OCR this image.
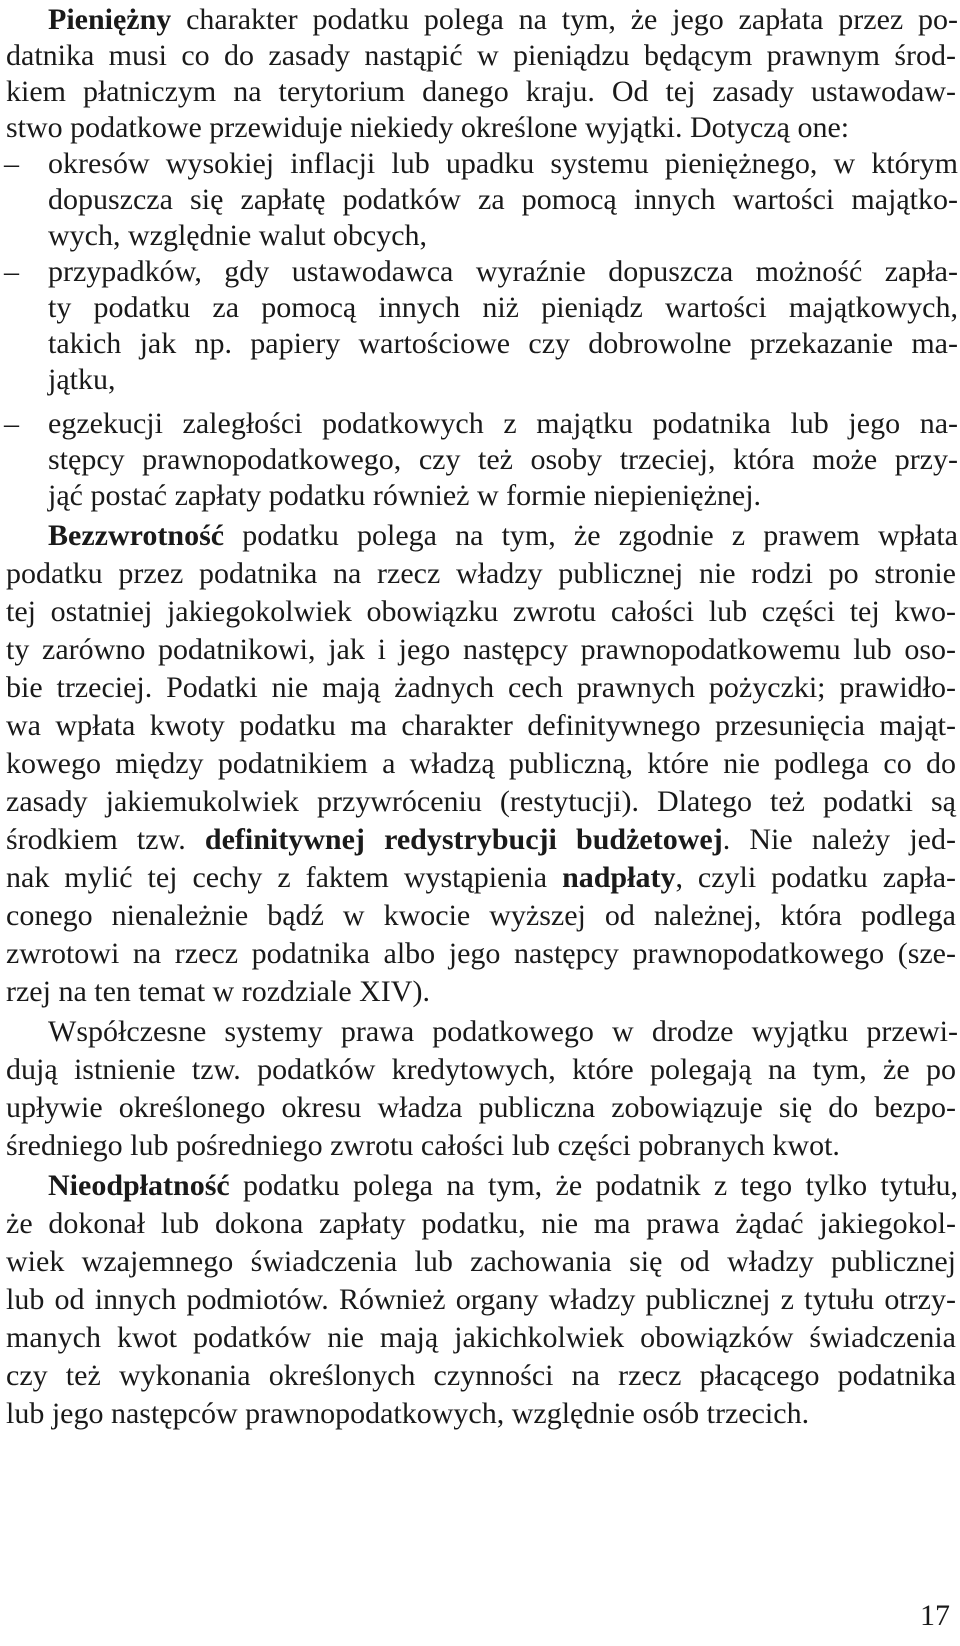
Pieniężny charakter podatku polega na tym, że jego zapłata przez po-
datnika musi co do zasady nastąpić w pieniądzu będącym prawnym środ-
kiem płatniczym na terytorium danego kraju. Od tej zasady ustawodaw-
stwo podatkowe przewiduje niekiedy określone wyjątki. Dotyczą one:
– okresów wysokiej inflacji lub upadku systemu pieniężnego, w którym
dopuszcza się zapłatę podatków za pomocą innych wartości majątko-
wych, względnie walut obcych,
– przypadków, gdy ustawodawca wyraźnie dopuszcza możność zapła-
ty podatku za pomocą innych niż pieniądz wartości majątkowych,
takich jak np. papiery wartościowe czy dobrowolne przekazanie ma-
jątku,
– egzekucji zaległości podatkowych z majątku podatnika lub jego na-
stępcy prawnopodatkowego, czy też osoby trzeciej, która może przy-
jąć postać zapłaty podatku również w formie niepieniężnej.
Bezzwrotność podatku polega na tym, że zgodnie z prawem wpłata
podatku przez podatnika na rzecz władzy publicznej nie rodzi po stronie
tej ostatniej jakiegokolwiek obowiązku zwrotu całości lub części tej kwo-
ty zarówno podatnikowi, jak i jego następcy prawnopodatkowemu lub oso-
bie trzeciej. Podatki nie mają żadnych cech prawnych pożyczki; prawidło-
wa wpłata kwoty podatku ma charakter definitywnego przesunięcia mająt-
kowego między podatnikiem a władzą publiczną, które nie podlega co do
zasady jakiemukolwiek przywróceniu (restytucji). Dlatego też podatki są
środkiem tzw. definitywnej redystrybucji budżetowej. Nie należy jed-
nak mylić tej cechy z faktem wystąpienia nadpłaty, czyli podatku zapła-
conego nienależnie bądź w kwocie wyższej od należnej, która podlega
zwrotowi na rzecz podatnika albo jego następcy prawnopodatkowego (sze-
rzej na ten temat w rozdziale XIV).
Współczesne systemy prawa podatkowego w drodze wyjątku przewi-
dują istnienie tzw. podatków kredytowych, które polegają na tym, że po
upływie określonego okresu władza publiczna zobowiązuje się do bezpo-
średniego lub pośredniego zwrotu całości lub części pobranych kwot.
Nieodpłatność podatku polega na tym, że podatnik z tego tylko tytułu,
że dokonał lub dokona zapłaty podatku, nie ma prawa żądać jakiegokol-
wiek wzajemnego świadczenia lub zachowania się od władzy publicznej
lub od innych podmiotów. Również organy władzy publicznej z tytułu otrzy-
manych kwot podatków nie mają jakichkolwiek obowiązków świadczenia
czy też wykonania określonych czynności na rzecz płacącego podatnika
lub jego następców prawnopodatkowych, względnie osób trzecich.
17
